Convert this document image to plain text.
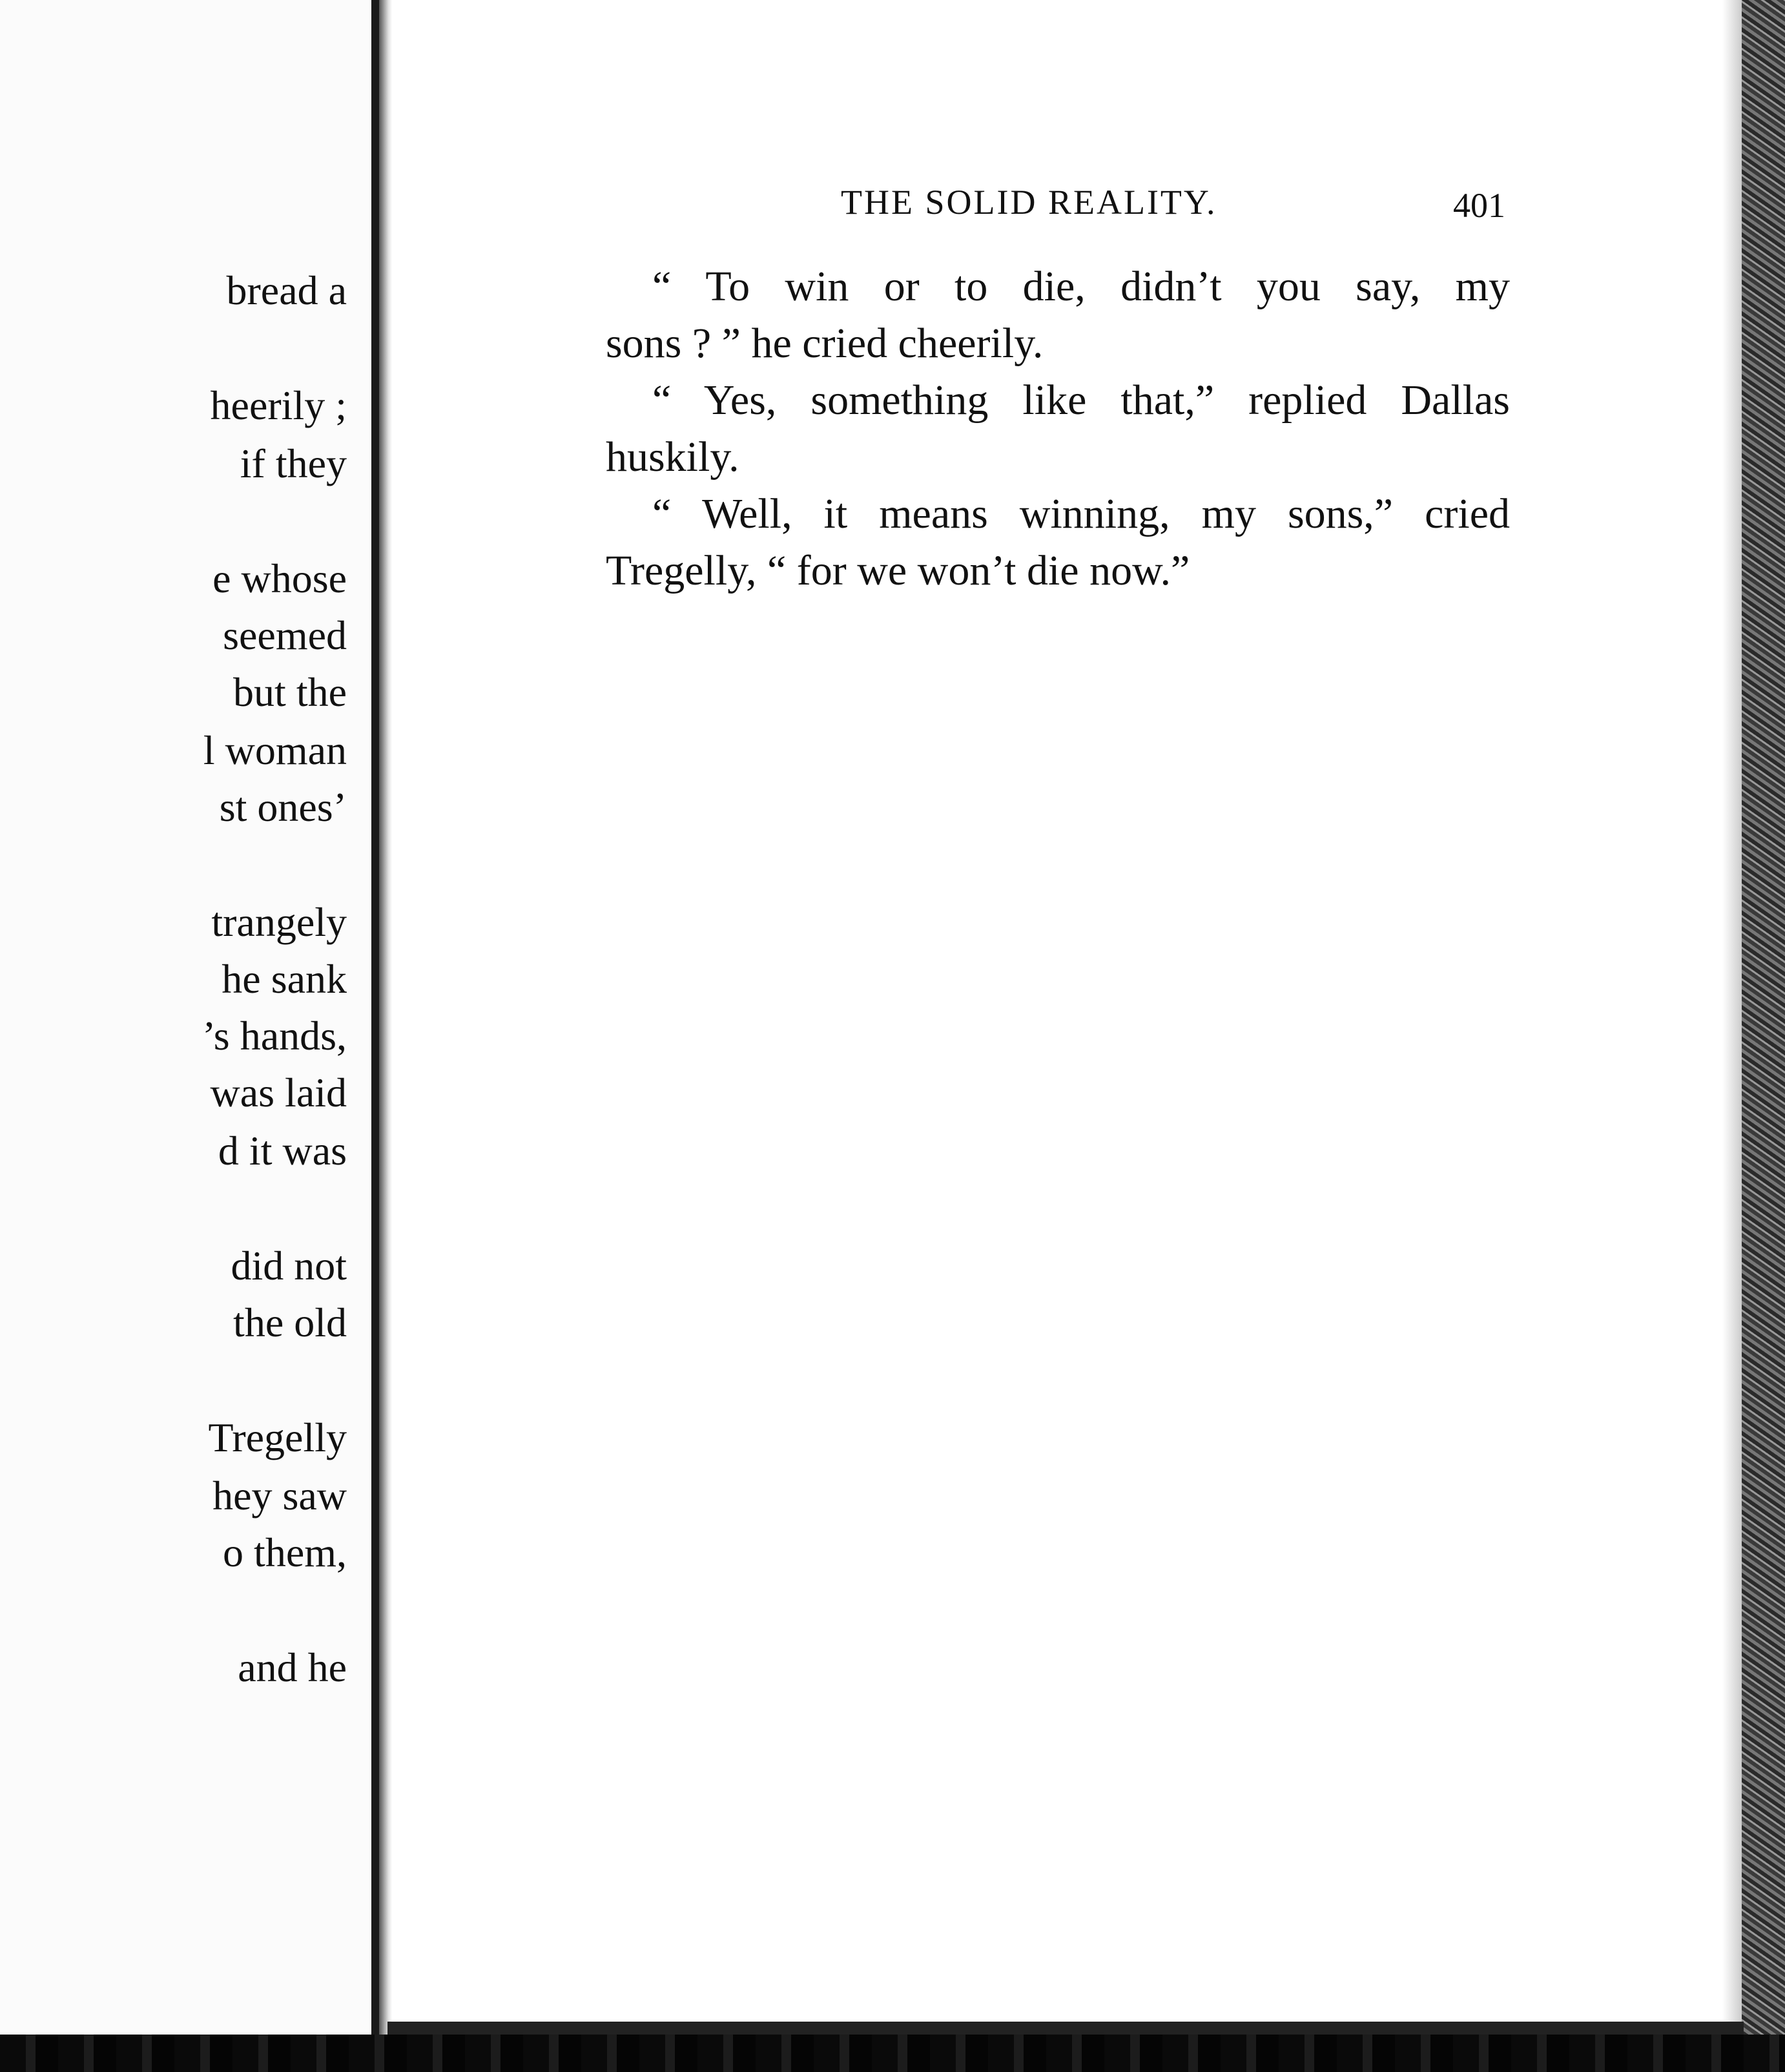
bread a
heerily ;
if they
e whose
seemed
but the
l woman
st ones’
trangely
he sank
’s hands,
was laid
d it was
did not
the old
Tregelly
hey saw
o them,
and he
THE SOLID REALITY.	401
“ To win or to die, didn’t you say, my
sons ? ” he cried cheerily.
“ Yes, something like that,” replied Dallas
huskily.
“ Well, it means winning, my sons,” cried
Tregelly, “ for we won’t die now.”
